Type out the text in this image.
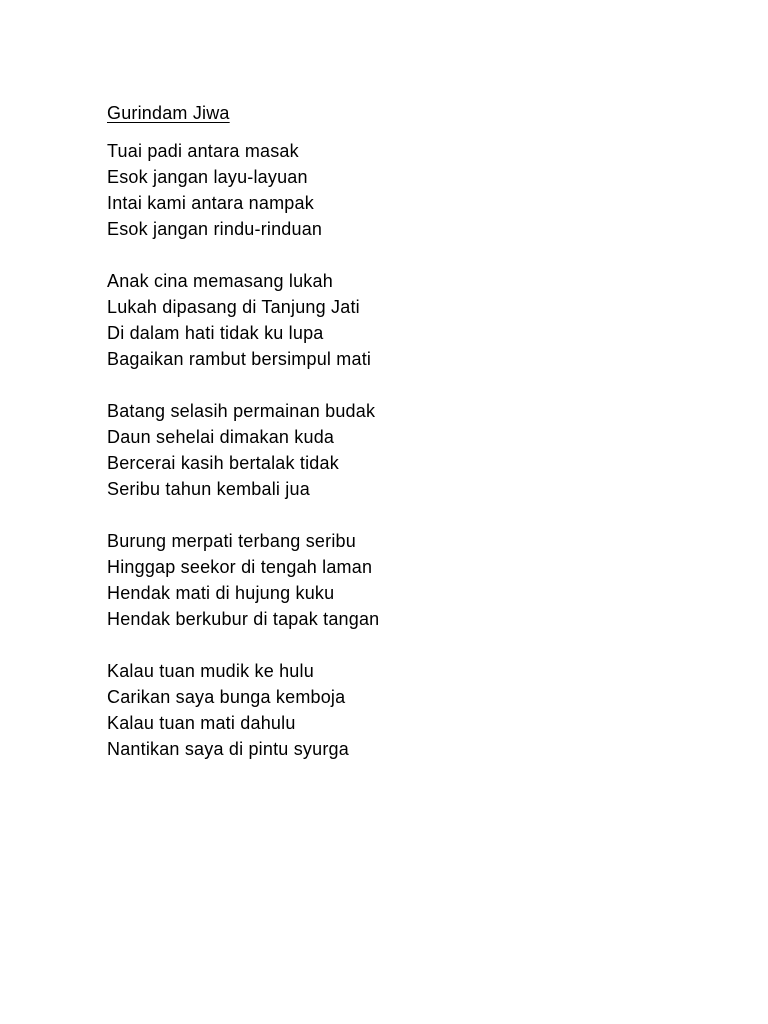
Gurindam Jiwa
Tuai padi antara masak
Esok jangan layu-layuan
Intai kami antara nampak
Esok jangan rindu-rinduan
Anak cina memasang lukah
Lukah dipasang di Tanjung Jati
Di dalam hati tidak ku lupa
Bagaikan rambut bersimpul mati
Batang selasih permainan budak
Daun sehelai dimakan kuda
Bercerai kasih bertalak tidak
Seribu tahun kembali jua
Burung merpati terbang seribu
Hinggap seekor di tengah laman
Hendak mati di hujung kuku
Hendak berkubur di tapak tangan
Kalau tuan mudik ke hulu
Carikan saya bunga kemboja
Kalau tuan mati dahulu
Nantikan saya di pintu syurga
